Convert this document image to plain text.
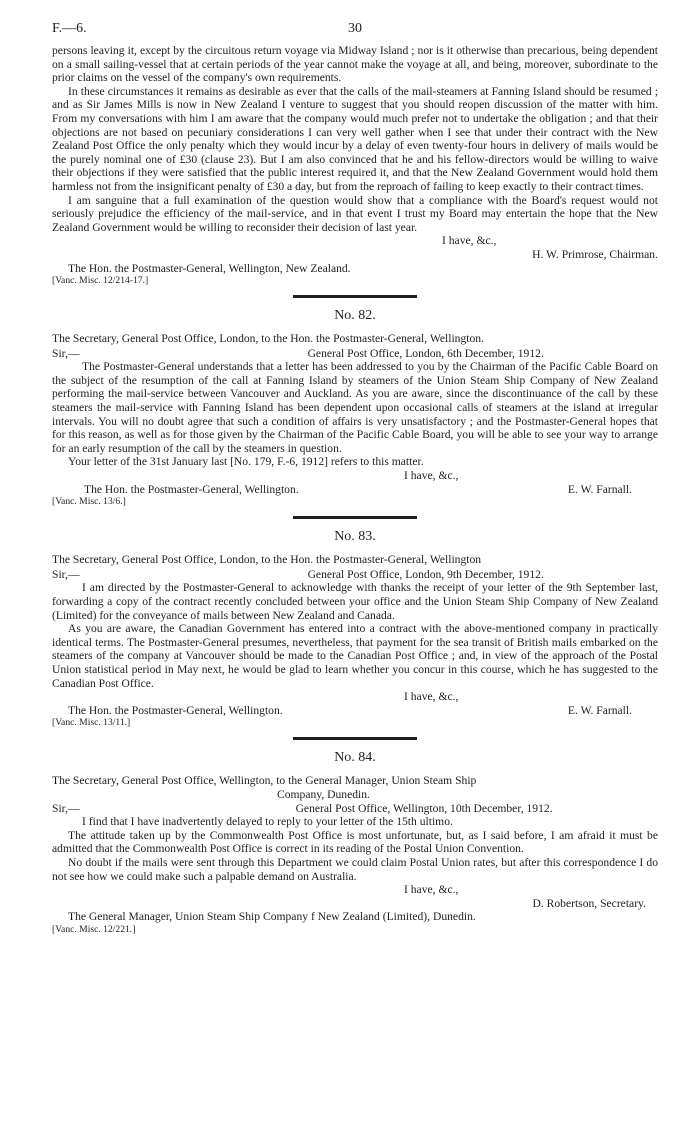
F.—6.	30

persons leaving it, except by the circuitous return voyage via Midway Island ; nor is it otherwise than precarious, being dependent on a small sailing-vessel that at certain periods of the year cannot make the voyage at all, and being, moreover, subordinate to the prior claims on the vessel of the company's own requirements.

In these circumstances it remains as desirable as ever that the calls of the mail-steamers at Fanning Island should be resumed ; and as Sir James Mills is now in New Zealand I venture to suggest that you should reopen discussion of the matter with him. From my conversations with him I am aware that the company would much prefer not to undertake the obligation ; and that their objections are not based on pecuniary considerations I can very well gather when I see that under their contract with the New Zealand Post Office the only penalty which they would incur by a delay of even twenty-four hours in delivery of mails would be the purely nominal one of £30 (clause 23). But I am also convinced that he and his fellow-directors would be willing to waive their objections if they were satisfied that the public interest required it, and that the New Zealand Government would hold them harmless not from the insignificant penalty of £30 a day, but from the reproach of failing to keep exactly to their contract times.

I am sanguine that a full examination of the question would show that a compliance with the Board's request would not seriously prejudice the efficiency of the mail-service, and in that event I trust my Board may entertain the hope that the New Zealand Government would be willing to reconsider their decision of last year.

I have, &c.,

H. W. Primrose, Chairman.

The Hon. the Postmaster-General, Wellington, New Zealand.

[Vanc. Misc. 12/214-17.]

No. 82.

The Secretary, General Post Office, London, to the Hon. the Postmaster-General, Wellington.

Sir,—	General Post Office, London, 6th December, 1912.

The Postmaster-General understands that a letter has been addressed to you by the Chairman of the Pacific Cable Board on the subject of the resumption of the call at Fanning Island by steamers of the Union Steam Ship Company of New Zealand performing the mail-service between Vancouver and Auckland. As you are aware, since the discontinuance of the call by these steamers the mail-service with Fanning Island has been dependent upon occasional calls of steamers at the island at irregular intervals. You will no doubt agree that such a condition of affairs is very unsatisfactory ; and the Postmaster-General hopes that for this reason, as well as for those given by the Chairman of the Pacific Cable Board, you will be able to see your way to arrange for an early resumption of the call by the steamers in question.

Your letter of the 31st January last [No. 179, F.-6, 1912] refers to this matter.

I have, &c.,

The Hon. the Postmaster-General, Wellington.	E. W. Farnall.

[Vanc. Misc. 13/6.]

No. 83.

The Secretary, General Post Office, London, to the Hon. the Postmaster-General, Wellington

Sir,—	General Post Office, London, 9th December, 1912.

I am directed by the Postmaster-General to acknowledge with thanks the receipt of your letter of the 9th September last, forwarding a copy of the contract recently concluded between your office and the Union Steam Ship Company of New Zealand (Limited) for the conveyance of mails between New Zealand and Canada.

As you are aware, the Canadian Government has entered into a contract with the above-mentioned company in practically identical terms. The Postmaster-General presumes, nevertheless, that payment for the sea transit of British mails embarked on the steamers of the company at Vancouver should be made to the Canadian Post Office ; and, in view of the approach of the Postal Union statistical period in May next, he would be glad to learn whether you concur in this course, which he has suggested to the Canadian Post Office.

I have, &c.,

The Hon. the Postmaster-General, Wellington.	E. W. Farnall.

[Vanc. Misc. 13/11.]

No. 84.

The Secretary, General Post Office, Wellington, to the General Manager, Union Steam Ship

Company, Dunedin.

Sir,—	General Post Office, Wellington, 10th December, 1912.

I find that I have inadvertently delayed to reply to your letter of the 15th ultimo.

The attitude taken up by the Commonwealth Post Office is most unfortunate, but, as I said before, I am afraid it must be admitted that the Commonwealth Post Office is correct in its reading of the Postal Union Convention.

No doubt if the mails were sent through this Department we could claim Postal Union rates, but after this correspondence I do not see how we could make such a palpable demand on Australia.

I have, &c.,

D. Robertson, Secretary.

The General Manager, Union Steam Ship Company f New Zealand (Limited), Dunedin.

[Vanc. Misc. 12/221.]
